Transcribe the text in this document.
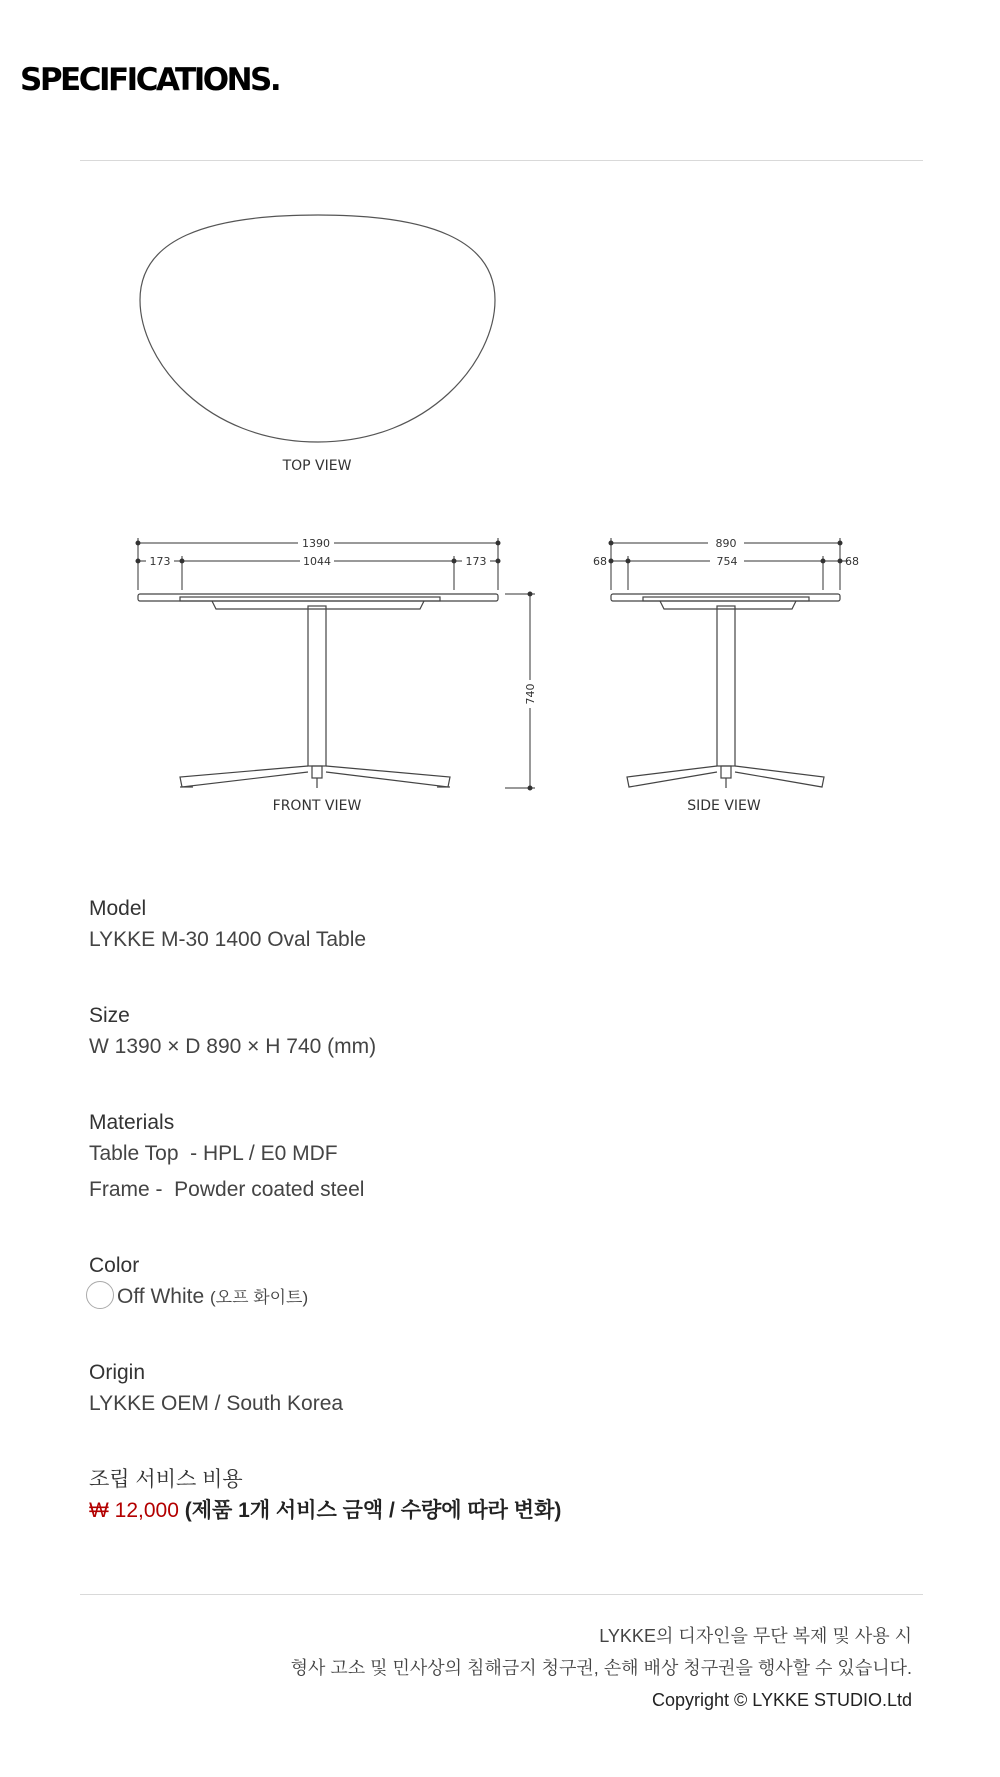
SPECIFICATIONS.
TOP VIEW
1390
173	1044	173
740
FRONT VIEW
890
68	754	68
SIDE VIEW
Model
LYKKE M-30 1400 Oval Table
Size
W 1390 × D 890 × H 740 (mm)
Materials
Table Top  - HPL / E0 MDF
Frame -  Powder coated steel
Color
Off White (오프 화이트)
Origin
LYKKE OEM / South Korea
조립 서비스 비용
₩ 12,000 (제품 1개 서비스 금액 / 수량에 따라 변화)
LYKKE의 디자인을 무단 복제 및 사용 시
형사 고소 및 민사상의 침해금지 청구권, 손해 배상 청구권을 행사할 수 있습니다.
Copyright © LYKKE STUDIO.Ltd
